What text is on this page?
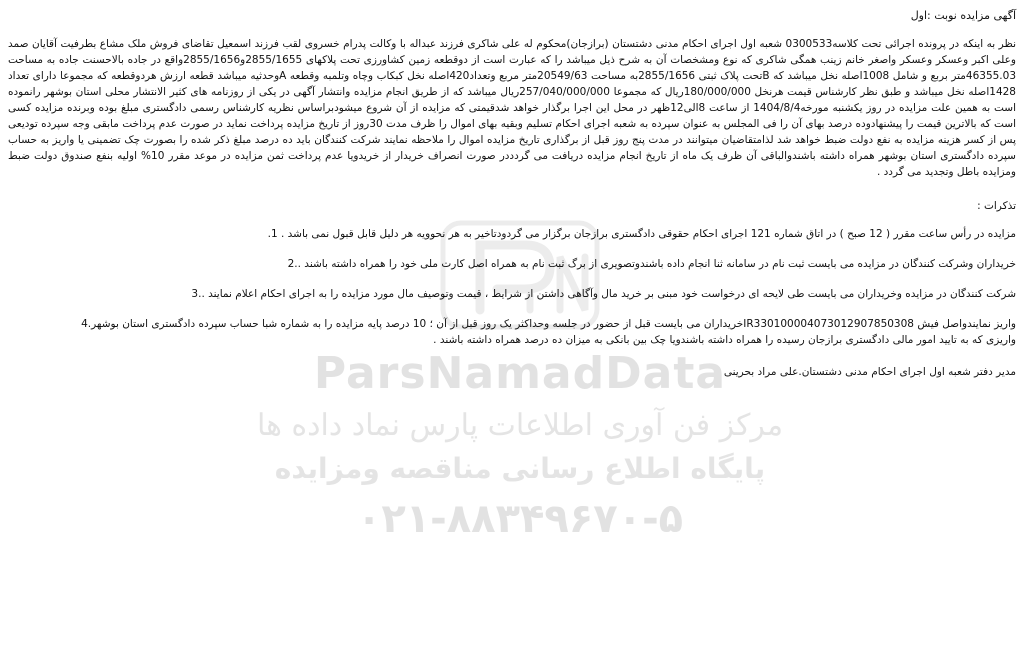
ParsNamadData
مرکز فن آوری اطلاعات پارس نماد داده ها
پایگاه اطلاع رسانی مناقصه ومزایده
۰۲۱-۸۸۳۴۹۶۷۰-۵

آگهی مزایده نوبت :اول

نظر به اینکه در پرونده اجرائی تحت کلاسه0300533 شعبه اول اجرای احکام مدنی دشتستان (برازجان)محکوم له علی شاکری فرزند عبداله با وکالت پدرام خسروی لقب فرزند اسمعیل تقاضای فروش ملک مشاع بطرفیت آقایان صمد وعلی اکبر وعسکر وعسکر واصغر خانم زینب همگی شاکری که نوع ومشخصات آن به شرح ذیل میباشد را که عبارت است از دوقطعه زمین کشاورزی تحت پلاکهای 2855/1655و2855/1656واقع در جاده بالاحسنت جاده به مساحت 46355.03متر بربع و شامل 1008اصله نخل میباشد که Bتحت پلاک ثبتی 2855/1656به مساحت 20549/63متر مربع وتعداد420اصله نخل کبکاب وچاه وتلمبه وقطعه Aوحدثیه میباشد قطعه ارزش هردوقطعه که مجموعا دارای تعداد 1428اصله نخل میباشد و طبق نظر کارشناس قیمت هرنخل 180/000/000ریال که مجموعا 257/040/000/000ریال میباشد که از طریق انجام مزایده وانتشار آگهی در یکی از روزنامه های کثیر الانتشار محلی استان بوشهر رانموده است به همین علت مزایده در روز یکشنبه مورخه1404/8/4 از ساعت 8الی12ظهر در محل این اجرا برگذار خواهد شدقیمتی که مزایده از آن شروع میشودبراساس نظریه کارشناس رسمی دادگستری مبلغ بوده وبرنده مزایده کسی است که بالاترین قیمت را پیشنهادوده درصد بهای آن را فی المجلس به عنوان سپرده به شعبه اجرای احکام تسلیم وبقیه بهای اموال را ظرف مدت 30روز از تاریخ مزایده پرداخت نماید در صورت عدم پرداخت مابقی وجه سپرده تودیعی پس از کسر هزینه مزایده به نفع دولت ضبط خواهد شد لذامتقاضیان میتوانند در مدت پنج روز قبل از برگذاری تاریخ مزایده اموال را ملاحظه نمایند شرکت کنندگان باید ده درصد مبلغ ذکر شده را بصورت چک تضمینی یا واریز به حساب سپرده دادگستری استان بوشهر همراه داشته باشندوالباقی آن ظرف یک ماه از تاریخ انجام مزایده دریافت می گردددر صورت انصراف خریدار از خریدویا عدم پرداخت ثمن مزایده در موعد مقرر 10% اولیه بنفع صندوق دولت ضبط ومزایده باطل وتجدید می گردد .

تذکرات :

مزایده در رأس ساعت مقرر ( 12 صبح ) در اتاق شماره 121 اجرای احکام حقوقی دادگستری برازجان برگزار می گردودتاخیر به هر نحوویه هر دلیل قابل قبول نمی باشد . 1.

خریداران وشرکت کنندگان در مزایده می بایست ثبت نام در سامانه ثنا انجام داده باشندوتصویری از برگ ثبت نام به همراه اصل کارت ملی خود را همراه داشته باشند ..2

شرکت کنندگان در مزایده وخریداران می بایست طی لایحه ای درخواست خود مبنی بر خرید مال وآگاهی داشتن از شرایط ، قیمت وتوصیف مال مورد مزایده را به اجرای احکام اعلام نمایند ..3

واریز نمایندواصل فیش IR330100004073012907850308خریداران می بایست قبل از حضور در جلسه وحداکثر یک روز قبل از آن ؛ 10 درصد پایه مزایده را به شماره شبا حساب سپرده دادگستری استان بوشهر.4

واریزی که به تایید امور مالی دادگستری برازجان رسیده را همراه داشته باشندویا چک بین بانکی به میزان ده درصد همراه داشته باشند .

مدیر دفتر شعبه اول اجرای احکام مدنی دشتستان.علی مراد بحرینی
